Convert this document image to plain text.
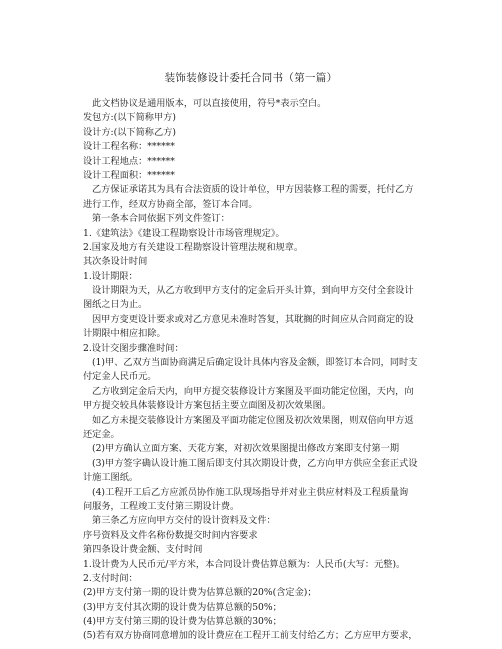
装饰装修设计委托合同书（第一篇）
此文档协议是通用版本，可以直接使用，符号*表示空白。
发包方:(以下简称甲方)
设计方:(以下简称乙方)
设计工程名称：******
设计工程地点：******
设计工程面积：******
乙方保证承诺其为具有合法资质的设计单位，甲方因装修工程的需要，托付乙方
进行工作，经双方协商全部，签订本合同。
第一条本合同依据下列文件签订：
1.《建筑法》《建设工程勘察设计市场管理规定》。
2.国家及地方有关建设工程勘察设计管理法规和规章。
其次条设计时间
1.设计期限：
设计期限为天，从乙方收到甲方支付的定金后开头计算，到向甲方交付全套设计
图纸之日为止。
因甲方变更设计要求或对乙方意见未准时答复，其耽搁的时间应从合同商定的设
计期限中相应扣除。
2.设计交图步骤准时间：
(1)甲、乙双方当面协商满足后确定设计具体内容及金额，即签订本合同，同时支
付定金人民币元。
乙方收到定金后天内，向甲方提交装修设计方案图及平面功能定位图，天内，向
甲方提交较具体装修设计方案包括主要立面图及初次效果图。
如乙方未提交装修设计方案图及平面功能定位图及初次效果图，则双倍向甲方返
还定金。
(2)甲方确认立面方案、天花方案，对初次效果图提出修改方案即支付第一期
(3)甲方签字确认设计施工图后即支付其次期设计费，乙方向甲方供应全套正式设
计施工图纸。
(4)工程开工后乙方应派员协作施工队现场指导并对业主供应材料及工程质量询
问服务，工程竣工支付第三期设计费。
第三条乙方应向甲方交付的设计资料及文件：
序号资料及文件名称份数提交时间内容要求
第四条设计费金额、支付时间
1.设计费为人民币元/平方米，本合同设计费估算总额为：人民币(大写：元整)。
2.支付时间：
(2)甲方支付第一期的设计费为估算总额的20%(含定金)；
(3)甲方支付其次期的设计费为估算总额的50%；
(4)甲方支付第三期的设计费为估算总额的30%；
(5)若有双方协商同意增加的设计费应在工程开工前支付给乙方；乙方应甲方要求，
